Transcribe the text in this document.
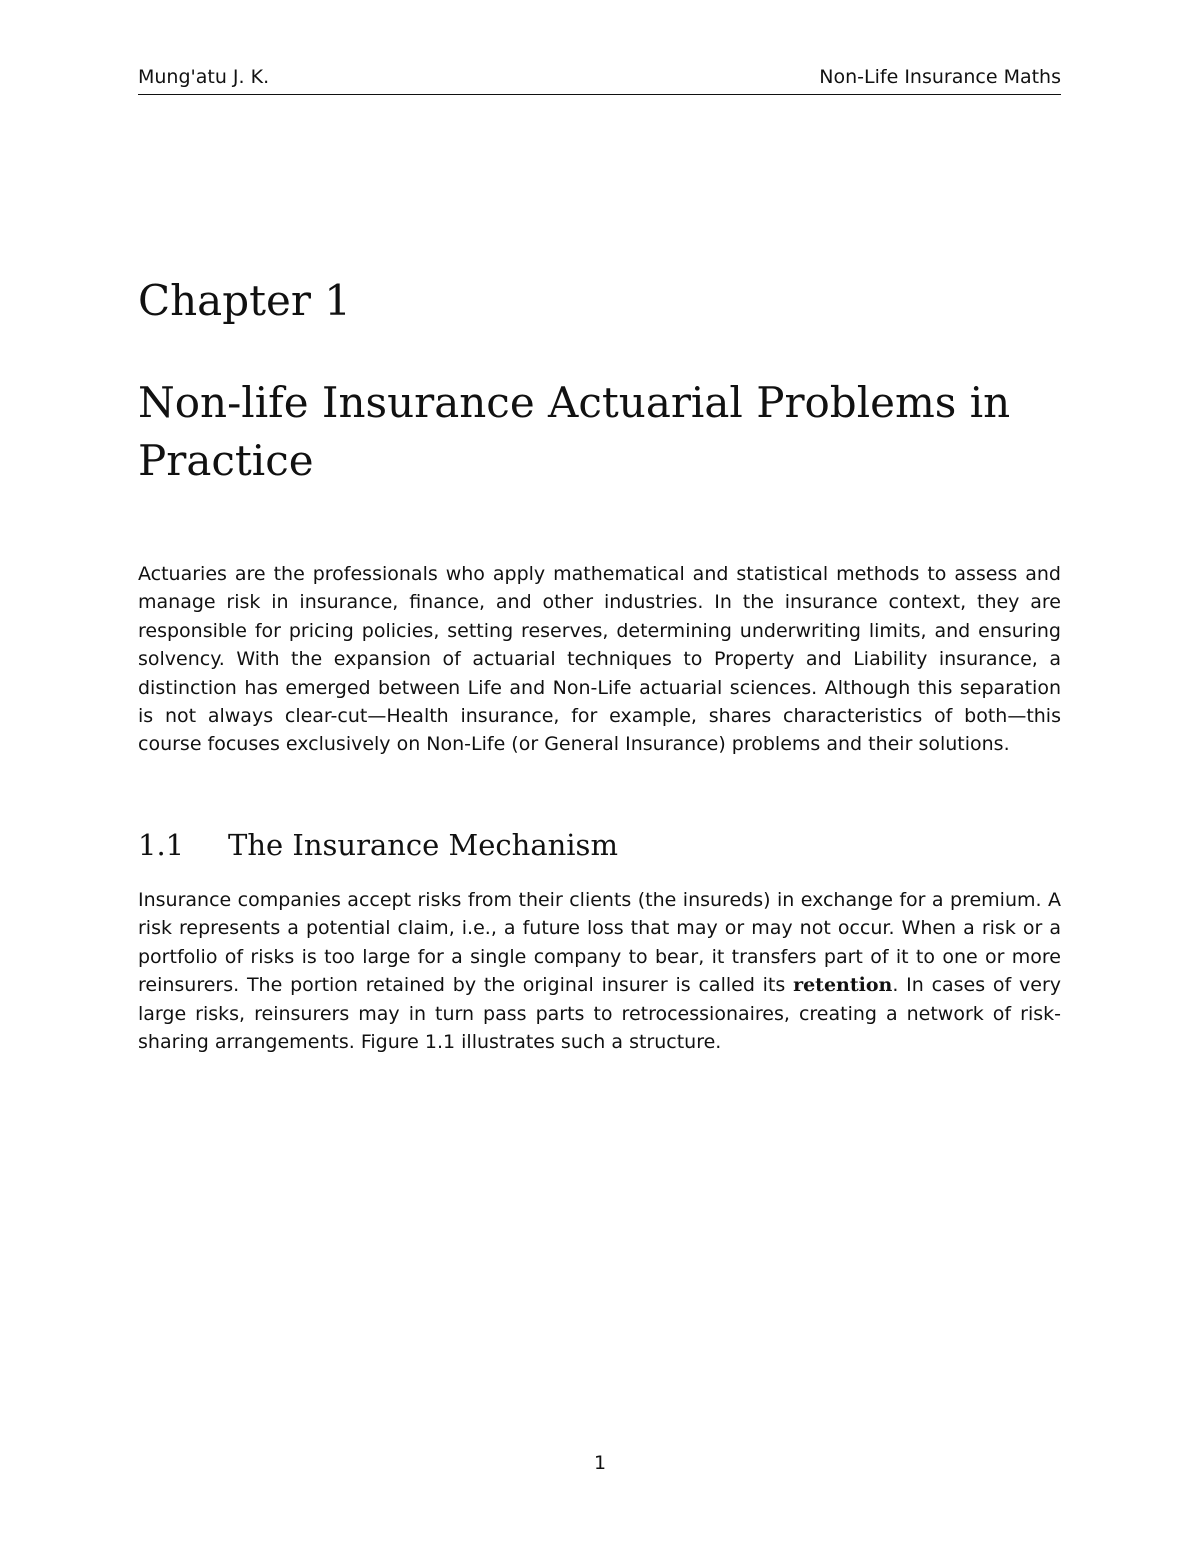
Mung'atu J. K.	Non-Life Insurance Maths
Chapter 1
Non-life Insurance Actuarial Problems in Practice

Actuaries are the professionals who apply mathematical and statistical methods to assess and manage risk in insurance, finance, and other industries. In the insurance context, they are responsible for pricing policies, setting reserves, determining underwriting limits, and ensuring solvency. With the expansion of actuarial techniques to Property and Liability insurance, a distinction has emerged between Life and Non-Life actuarial sciences. Although this separation is not always clear-cut—Health insurance, for example, shares characteristics of both—this course focuses exclusively on Non-Life (or General Insurance) problems and their solutions.

1.1 The Insurance Mechanism

Insurance companies accept risks from their clients (the insureds) in exchange for a premium. A risk represents a potential claim, i.e., a future loss that may or may not occur. When a risk or a portfolio of risks is too large for a single company to bear, it transfers part of it to one or more reinsurers. The portion retained by the original insurer is called its retention. In cases of very large risks, reinsurers may in turn pass parts to retrocessionaires, creating a network of risk-sharing arrangements. Figure 1.1 illustrates such a structure.

1
